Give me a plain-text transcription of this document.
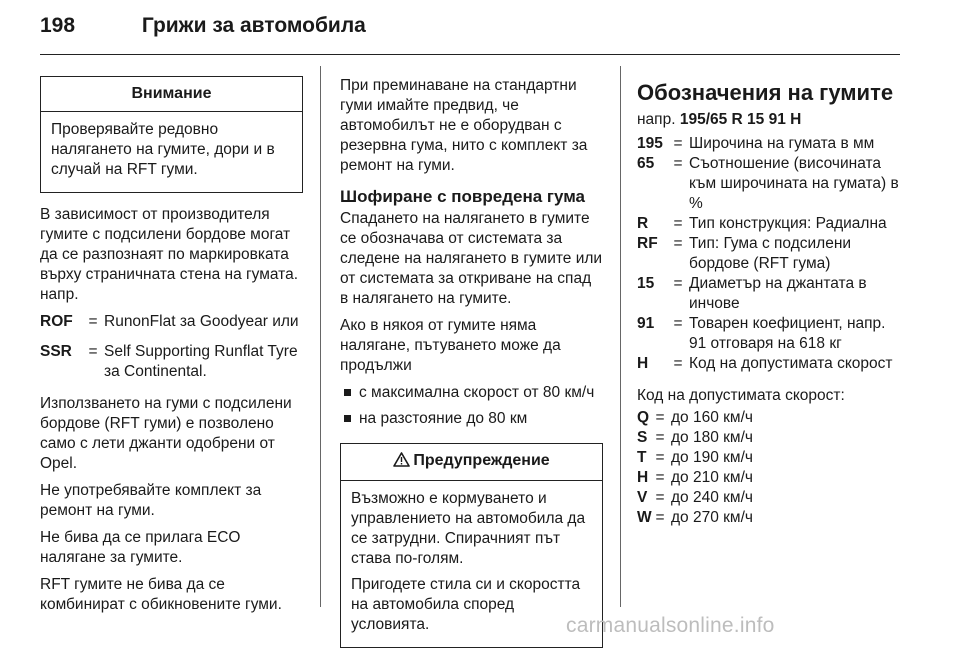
198	Грижи за автомобила
Внимание

Проверявайте редовно налягането на гумите, дори и в случай на RFT гуми.

В зависимост от производителя гумите с подсилени бордове могат да се разпознаят по маркировката върху страничната стена на гумата. напр.

ROF	= RunonFlat за Goodyear или
SSR	= Self Supporting Runflat Tyre за Continental.

Използването на гуми с подсилени бордове (RFT гуми) е позволено само с лети джанти одобрени от Opel.

Не употребявайте комплект за ремонт на гуми.

Не бива да се прилага ECO налягане за гумите.

RFT гумите не бива да се комбинират с обикновените гуми.

При преминаване на стандартни гуми имайте предвид, че автомобилът не е оборудван с резервна гума, нито с комплект за ремонт на гуми.

Шофиране с повредена гума

Спадането на налягането в гумите се обозначава от системата за следене на налягането в гумите или от системата за откриване на спад в налягането на гумите.

Ако в някоя от гумите няма налягане, пътуването може да продължи

с максимална скорост от 80 км/ч
на разстояние до 80 км
Предупреждение

Възможно е кормуването и управлението на автомобила да се затрудни. Спирачният път става по-голям.

Пригодете стила си и скоростта на автомобила според условията.

Обозначения на гумите

напр. 195/65 R 15 91 H

195 = Широчина на гумата в мм
65	= Съотношение (височината към широчината на гумата) в %
R	= Тип конструкция: Радиална
RF	= Тип: Гума с подсилени бордове (RFT гума)
15	= Диаметър на джантата в инчове
91	= Товарен коефициент, напр. 91 отговаря на 618 кг
H	= Код на допустимата скорост

Код на допустимата скорост:

Q = до 160 км/ч
S = до 180 км/ч
T = до 190 км/ч
H = до 210 км/ч
V = до 240 км/ч
W = до 270 км/ч
carmanualsonline.info
